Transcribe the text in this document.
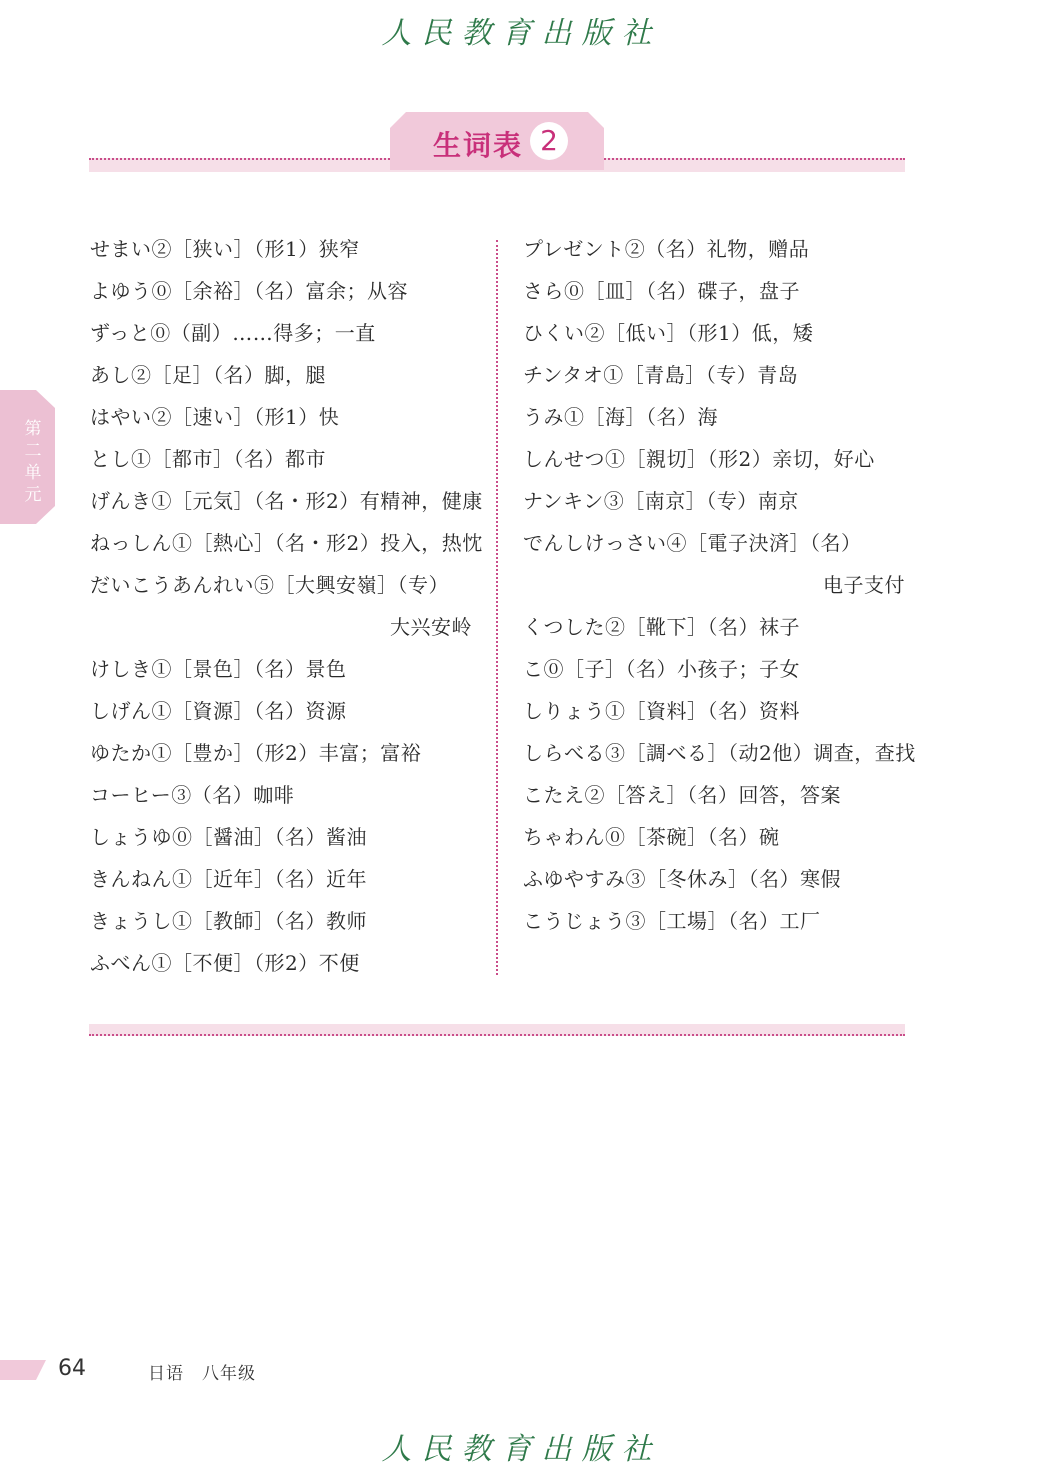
人民教育出版社
生词表 2
第二单元
せまい②［狭い］（形1）狭窄
よゆう⓪［余裕］（名）富余；从容
ずっと⓪（副）……得多；一直
あし②［足］（名）脚，腿
はやい②［速い］（形1）快
とし①［都市］（名）都市
げんき①［元気］（名・形2）有精神，健康
ねっしん①［熱心］（名・形2）投入，热忱
だいこうあんれい⑤［大興安嶺］（专）
大兴安岭
けしき①［景色］（名）景色
しげん①［資源］（名）资源
ゆたか①［豊か］（形2）丰富；富裕
コーヒー③（名）咖啡
しょうゆ⓪［醤油］（名）酱油
きんねん①［近年］（名）近年
きょうし①［教師］（名）教师
ふべん①［不便］（形2）不便
プレゼント②（名）礼物，赠品
さら⓪［皿］（名）碟子，盘子
ひくい②［低い］（形1）低，矮
チンタオ①［青島］（专）青岛
うみ①［海］（名）海
しんせつ①［親切］（形2）亲切，好心
ナンキン③［南京］（专）南京
でんしけっさい④［電子決済］（名）
电子支付
くつした②［靴下］（名）袜子
こ⓪［子］（名）小孩子；子女
しりょう①［資料］（名）资料
しらべる③［調べる］（动2他）调查，查找
こたえ②［答え］（名）回答，答案
ちゃわん⓪［茶碗］（名）碗
ふゆやすみ③［冬休み］（名）寒假
こうじょう③［工場］（名）工厂
64	日语　八年级
人民教育出版社
